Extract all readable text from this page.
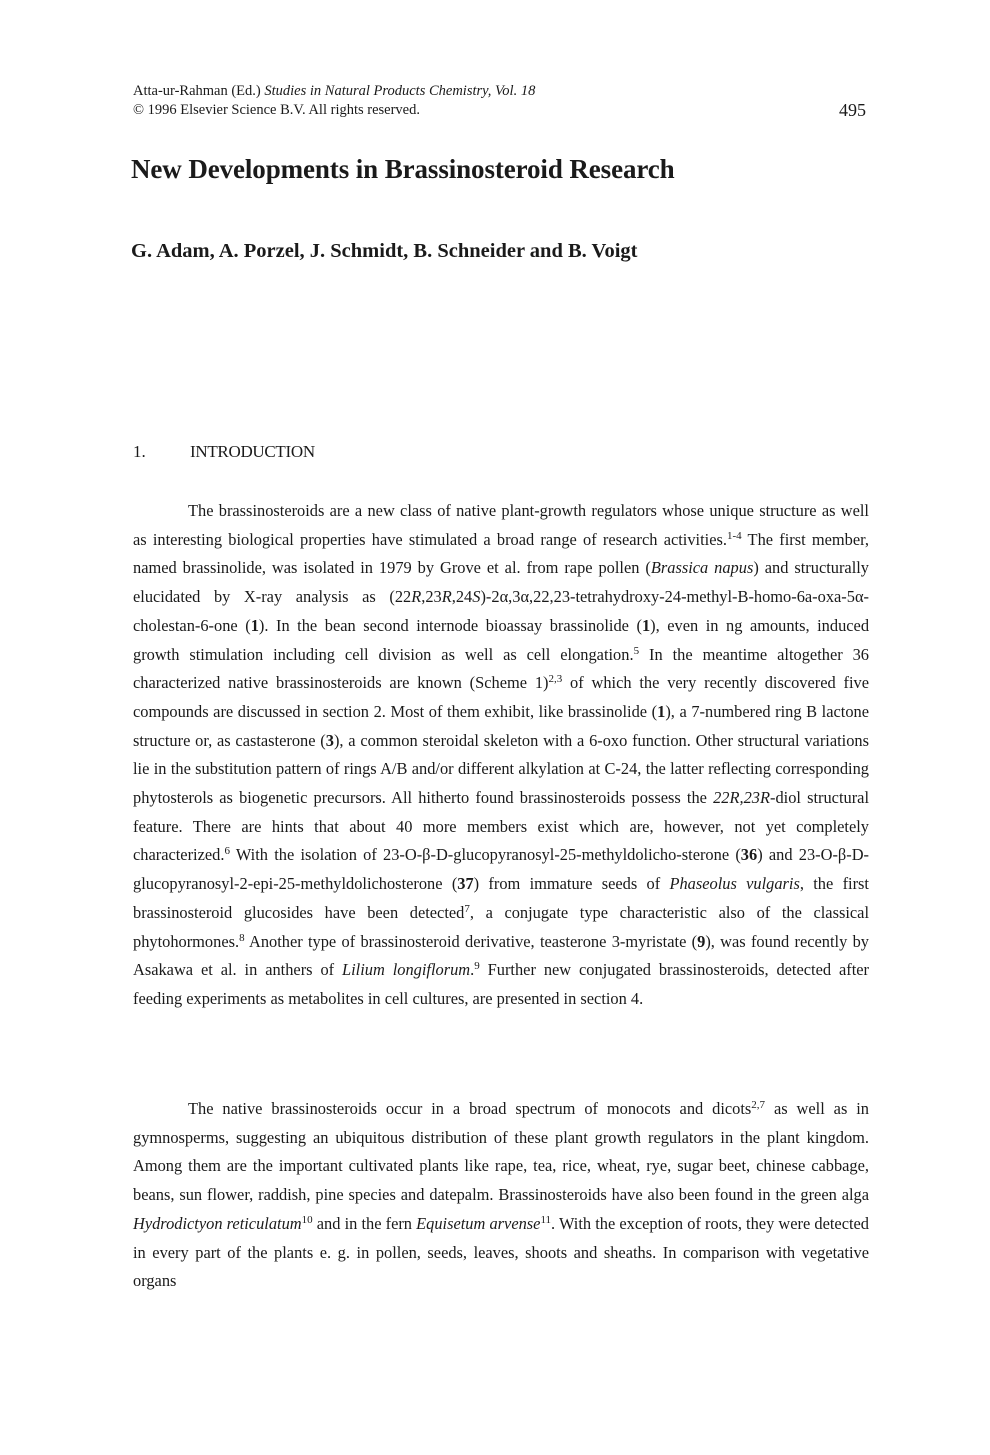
Atta-ur-Rahman (Ed.) Studies in Natural Products Chemistry, Vol. 18
© 1996 Elsevier Science B.V. All rights reserved.	495
New Developments in Brassinosteroid Research
G. Adam, A. Porzel, J. Schmidt, B. Schneider and B. Voigt
1.	INTRODUCTION
The brassinosteroids are a new class of native plant-growth regulators whose unique structure as well as interesting biological properties have stimulated a broad range of research activities.$^{1-4}$ The first member, named brassinolide, was isolated in 1979 by Grove et al. from rape pollen (Brassica napus) and structurally elucidated by X-ray analysis as (22R,23R,24S)-2α,3α,22,23-tetrahydroxy-24-methyl-B-homo-6a-oxa-5α-cholestan-6-one (1). In the bean second internode bioassay brassinolide (1), even in ng amounts, induced growth stimulation including cell division as well as cell elongation.$^5$ In the meantime altogether 36 characterized native brassinosteroids are known (Scheme 1)$^{2,3}$ of which the very recently discovered five compounds are discussed in section 2. Most of them exhibit, like brassinolide (1), a 7-numbered ring B lactone structure or, as castasterone (3), a common steroidal skeleton with a 6-oxo function. Other structural variations lie in the substitution pattern of rings A/B and/or different alkylation at C-24, the latter reflecting corresponding phytosterols as biogenetic precursors. All hitherto found brassinosteroids possess the 22R,23R-diol structural feature. There are hints that about 40 more members exist which are, however, not yet completely characterized.$^6$ With the isolation of 23-O-β-D-glucopyranosyl-25-methyldolicho-sterone (36) and 23-O-β-D-glucopyranosyl-2-epi-25-methyldolichosterone (37) from immature seeds of Phaseolus vulgaris, the first brassinosteroid glucosides have been detected$^7$, a conjugate type characteristic also of the classical phytohormones.$^8$ Another type of brassinosteroid derivative, teasterone 3-myristate (9), was found recently by Asakawa et al. in anthers of Lilium longiflorum.$^9$ Further new conjugated brassinosteroids, detected after feeding experiments as metabolites in cell cultures, are presented in section 4.
The native brassinosteroids occur in a broad spectrum of monocots and dicots$^{2,7}$ as well as in gymnosperms, suggesting an ubiquitous distribution of these plant growth regulators in the plant kingdom. Among them are the important cultivated plants like rape, tea, rice, wheat, rye, sugar beet, chinese cabbage, beans, sun flower, raddish, pine species and datepalm. Brassinosteroids have also been found in the green alga Hydrodictyon reticulatum$^{10}$ and in the fern Equisetum arvense$^{11}$. With the exception of roots, they were detected in every part of the plants e. g. in pollen, seeds, leaves, shoots and sheaths. In comparison with vegetative organs
